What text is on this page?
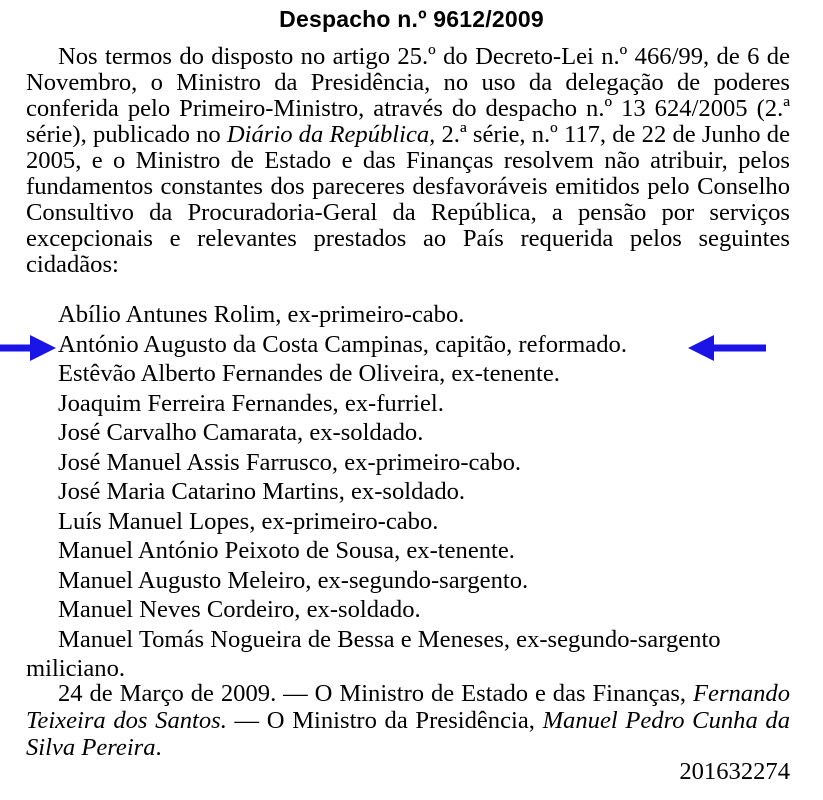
Despacho n.º 9612/2009
Nos termos do disposto no artigo 25.º do Decreto-Lei n.º 466/99, de 6 de Novembro, o Ministro da Presidência, no uso da delegação de poderes conferida pelo Primeiro-Ministro, através do despacho n.º 13 624/2005 (2.ª série), publicado no Diário da República, 2.ª série, n.º 117, de 22 de Junho de 2005, e o Ministro de Estado e das Finanças resolvem não atribuir, pelos fundamentos constantes dos pareceres desfavoráveis emitidos pelo Conselho Consultivo da Procuradoria-Geral da República, a pensão por serviços excepcionais e relevantes prestados ao País requerida pelos seguintes cidadãos:
Abílio Antunes Rolim, ex-primeiro-cabo.
António Augusto da Costa Campinas, capitão, reformado.
Estêvão Alberto Fernandes de Oliveira, ex-tenente.
Joaquim Ferreira Fernandes, ex-furriel.
José Carvalho Camarata, ex-soldado.
José Manuel Assis Farrusco, ex-primeiro-cabo.
José Maria Catarino Martins, ex-soldado.
Luís Manuel Lopes, ex-primeiro-cabo.
Manuel António Peixoto de Sousa, ex-tenente.
Manuel Augusto Meleiro, ex-segundo-sargento.
Manuel Neves Cordeiro, ex-soldado.
Manuel Tomás Nogueira de Bessa e Meneses, ex-segundo-sargento
miliciano.
24 de Março de 2009. — O Ministro de Estado e das Finanças, Fernando Teixeira dos Santos. — O Ministro da Presidência, Manuel Pedro Cunha da Silva Pereira.
201632274
